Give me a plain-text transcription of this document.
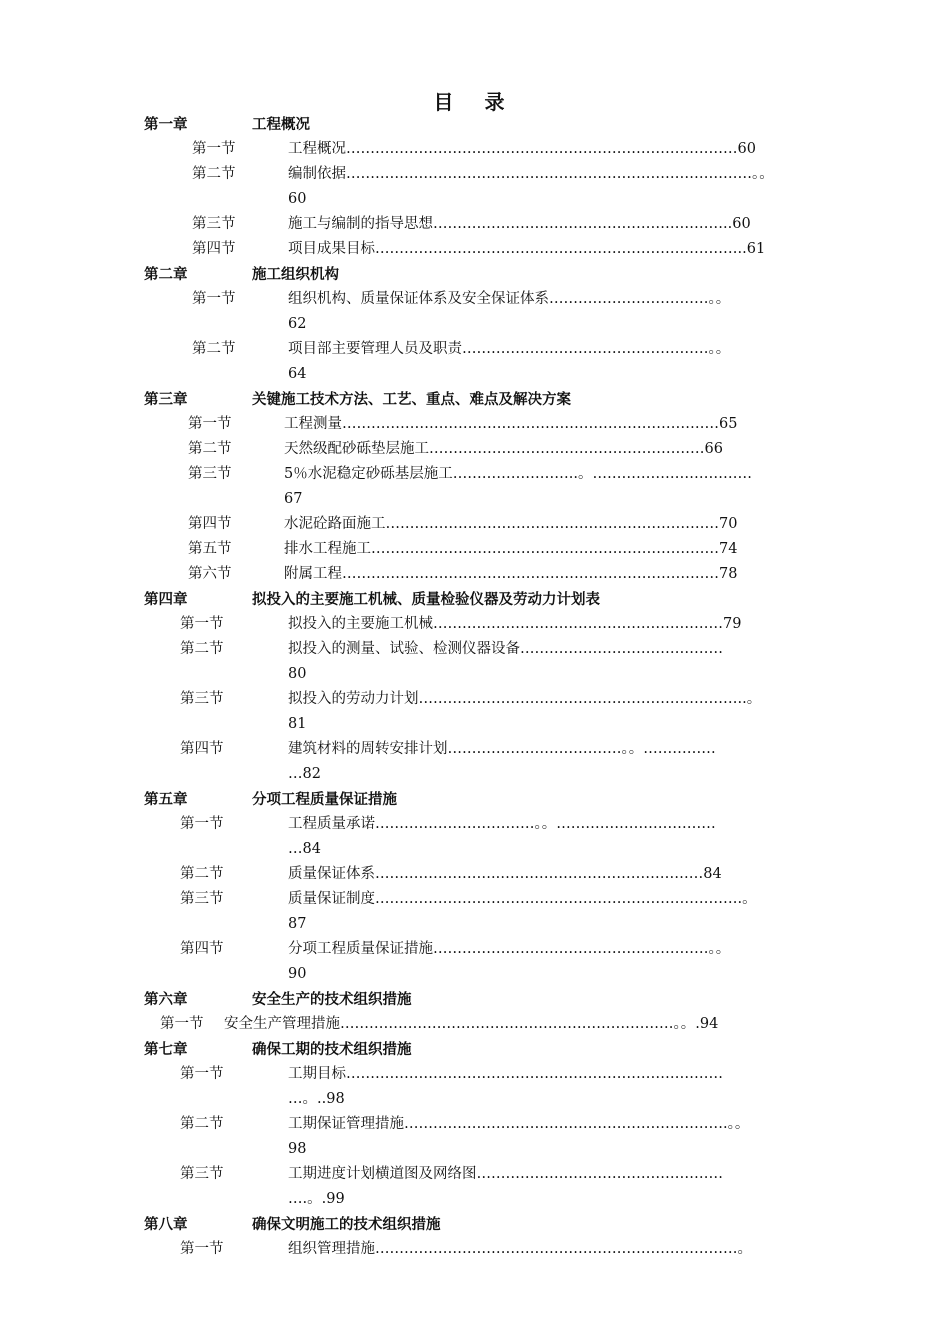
目 录
第一章	工程概况
第一节	工程概况………………………………………………………………………60
第二节	编制依据…………………………………………………………………………。。
60
第三节	施工与编制的指导思想……………………………………………………..60
第四节	项目成果目标…………………………………………………………………..61
第二章	施工组织机构
第一节	组织机构、质量保证体系及安全保证体系……………………………。。
62
第二节	项目部主要管理人员及职责……………………………………………。。
64
第三章	关键施工技术方法、工艺、重点、难点及解决方案
第一节	工程测量……………………………………………………………………65
第二节	天然级配砂砾垫层施工…………………………………………………66
第三节	5％水泥稳定砂砾基层施工……………………..。……………………………
67
第四节	水泥砼路面施工……………………………………………………………70
第五节	排水工程施工………………………………………………………………74
第六节	附属工程……………………………………………………………………78
第四章	拟投入的主要施工机械、质量检验仪器及劳动力计划表
第一节	拟投入的主要施工机械……………………………………………………79
第二节	拟投入的测量、试验、检测仪器设备……………………………………
80
第三节	拟投入的劳动力计划…………………………………………………………..。
81
第四节	建筑材料的周转安排计划………………………………。。……………
…82
第五章	分项工程质量保证措施
第一节	工程质量承诺……………………………。。……………………………
…84
第二节	质量保证体系……………………..……………………………………84
第三节	质量保证制度………………………………………………………………….。
87
第四节	分项工程质量保证措施…………………………………………………。。
90
第六章	安全生产的技术组织措施
第一节 安全生产管理措施……………………………………………………………。。.94
第七章	确保工期的技术组织措施
第一节	工期目标……………………………………………………………………
…。..98
第二节	工期保证管理措施………………………………………………………….。。
98
第三节	工期进度计划横道图及网络图……………………………………………
….。.99
第八章	确保文明施工的技术组织措施
第一节	组织管理措施…………………………………………………………………。
